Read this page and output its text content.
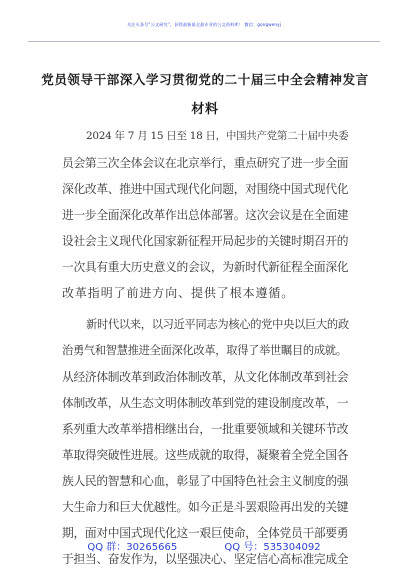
关注头条号“公文研究”，获得最新最全最专业的公文资料库！ 微信：gongwenyj
党员领导干部深入学习贯彻党的二十届三中全会精神发言
材料
2024 年 7 月 15 日至 18 日，中国共产党第二十届中央委
员会第三次全体会议在北京举行，重点研究了进一步全面
深化改革、推进中国式现代化问题，对围绕中国式现代化
进一步全面深化改革作出总体部署。这次会议是在全面建
设社会主义现代化国家新征程开局起步的关键时期召开的
一次具有重大历史意义的会议，为新时代新征程全面深化
改革指明了前进方向、提供了根本遵循。
新时代以来，以习近平同志为核心的党中央以巨大的政
治勇气和智慧推进全面深化改革，取得了举世瞩目的成就。
从经济体制改革到政治体制改革，从文化体制改革到社会
体制改革，从生态文明体制改革到党的建设制度改革，一
系列重大改革举措相继出台，一批重要领域和关键环节改
革取得突破性进展。这些成就的取得，凝聚着全党全国各
族人民的智慧和心血，彰显了中国特色社会主义制度的强
大生命力和巨大优越性。如今正是斗罢艰险再出发的关键
期，面对中国式现代化这一艰巨使命，全体党员干部要勇
于担当、奋发作为，以坚强决心、坚定信心高标准完成全
QQ 群：30265665	QQ 号：535304092
